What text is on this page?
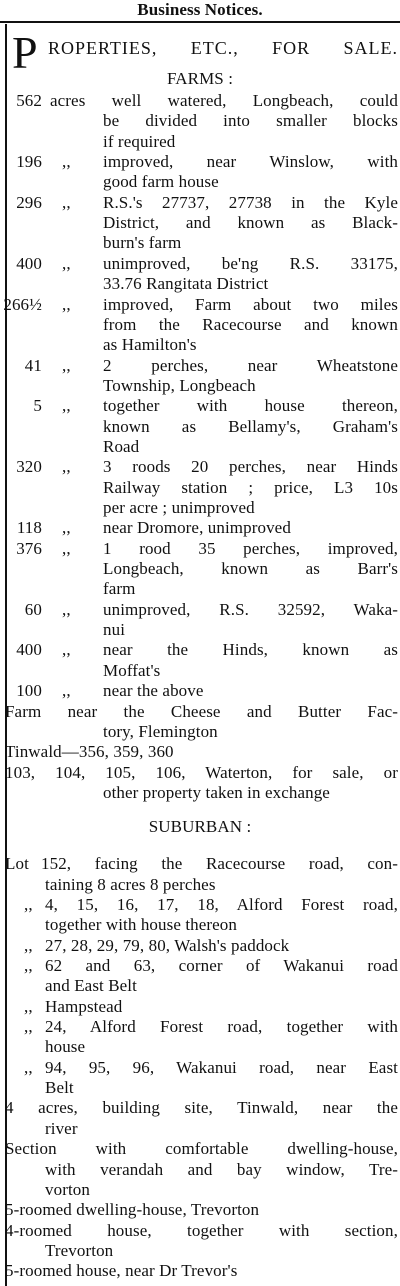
Business Notices.
P ROPERTIES, ETC., FOR SALE.
FARMS :
562 acres well watered, Longbeach, could
be divided into smaller blocks
if required
196 ,,	improved, near Winslow, with
good farm house
296 ,,	R.S.'s 27737, 27738 in the Kyle
District, and known as Black-
burn's farm
400 ,,	unimproved, be'ng R.S. 33175,
33.76 Rangitata District
266½ ,,	improved, Farm about two miles
from the Racecourse and known
as Hamilton's
41 ,,	2 perches, near Wheatstone
Township, Longbeach
5 ,,	together with house thereon,
known as Bellamy's, Graham's
Road
320 ,,	3 roods 20 perches, near Hinds
Railway station ; price, L3 10s
per acre ; unimproved
118 ,,	near Dromore, unimproved
376 ,,	1 rood 35 perches, improved,
Longbeach, known as Barr's
farm
60 ,,	unimproved, R.S. 32592, Waka-
nui
400 ,,	near the Hinds, known as
Moffat's
100 ,,	near the above
Farm near the Cheese and Butter Fac-
tory, Flemington
Tinwald—356, 359, 360
103, 104, 105, 106, Waterton, for sale, or
other property taken in exchange
SUBURBAN :
Lot 152, facing the Racecourse road, con-
taining 8 acres 8 perches
,, 4, 15, 16, 17, 18, Alford Forest road,
together with house thereon
,, 27, 28, 29, 79, 80, Walsh's paddock
,, 62 and 63, corner of Wakanui road
and East Belt
,, Hampstead
,, 24, Alford Forest road, together with
house
,, 94, 95, 96, Wakanui road, near East
Belt
4 acres, building site, Tinwald, near the
river
Section with comfortable dwelling-house,
with verandah and bay window, Tre-
vorton
5-roomed dwelling-house, Trevorton
4-roomed house, together with section,
Trevorton
5-roomed house, near Dr Trevor's
